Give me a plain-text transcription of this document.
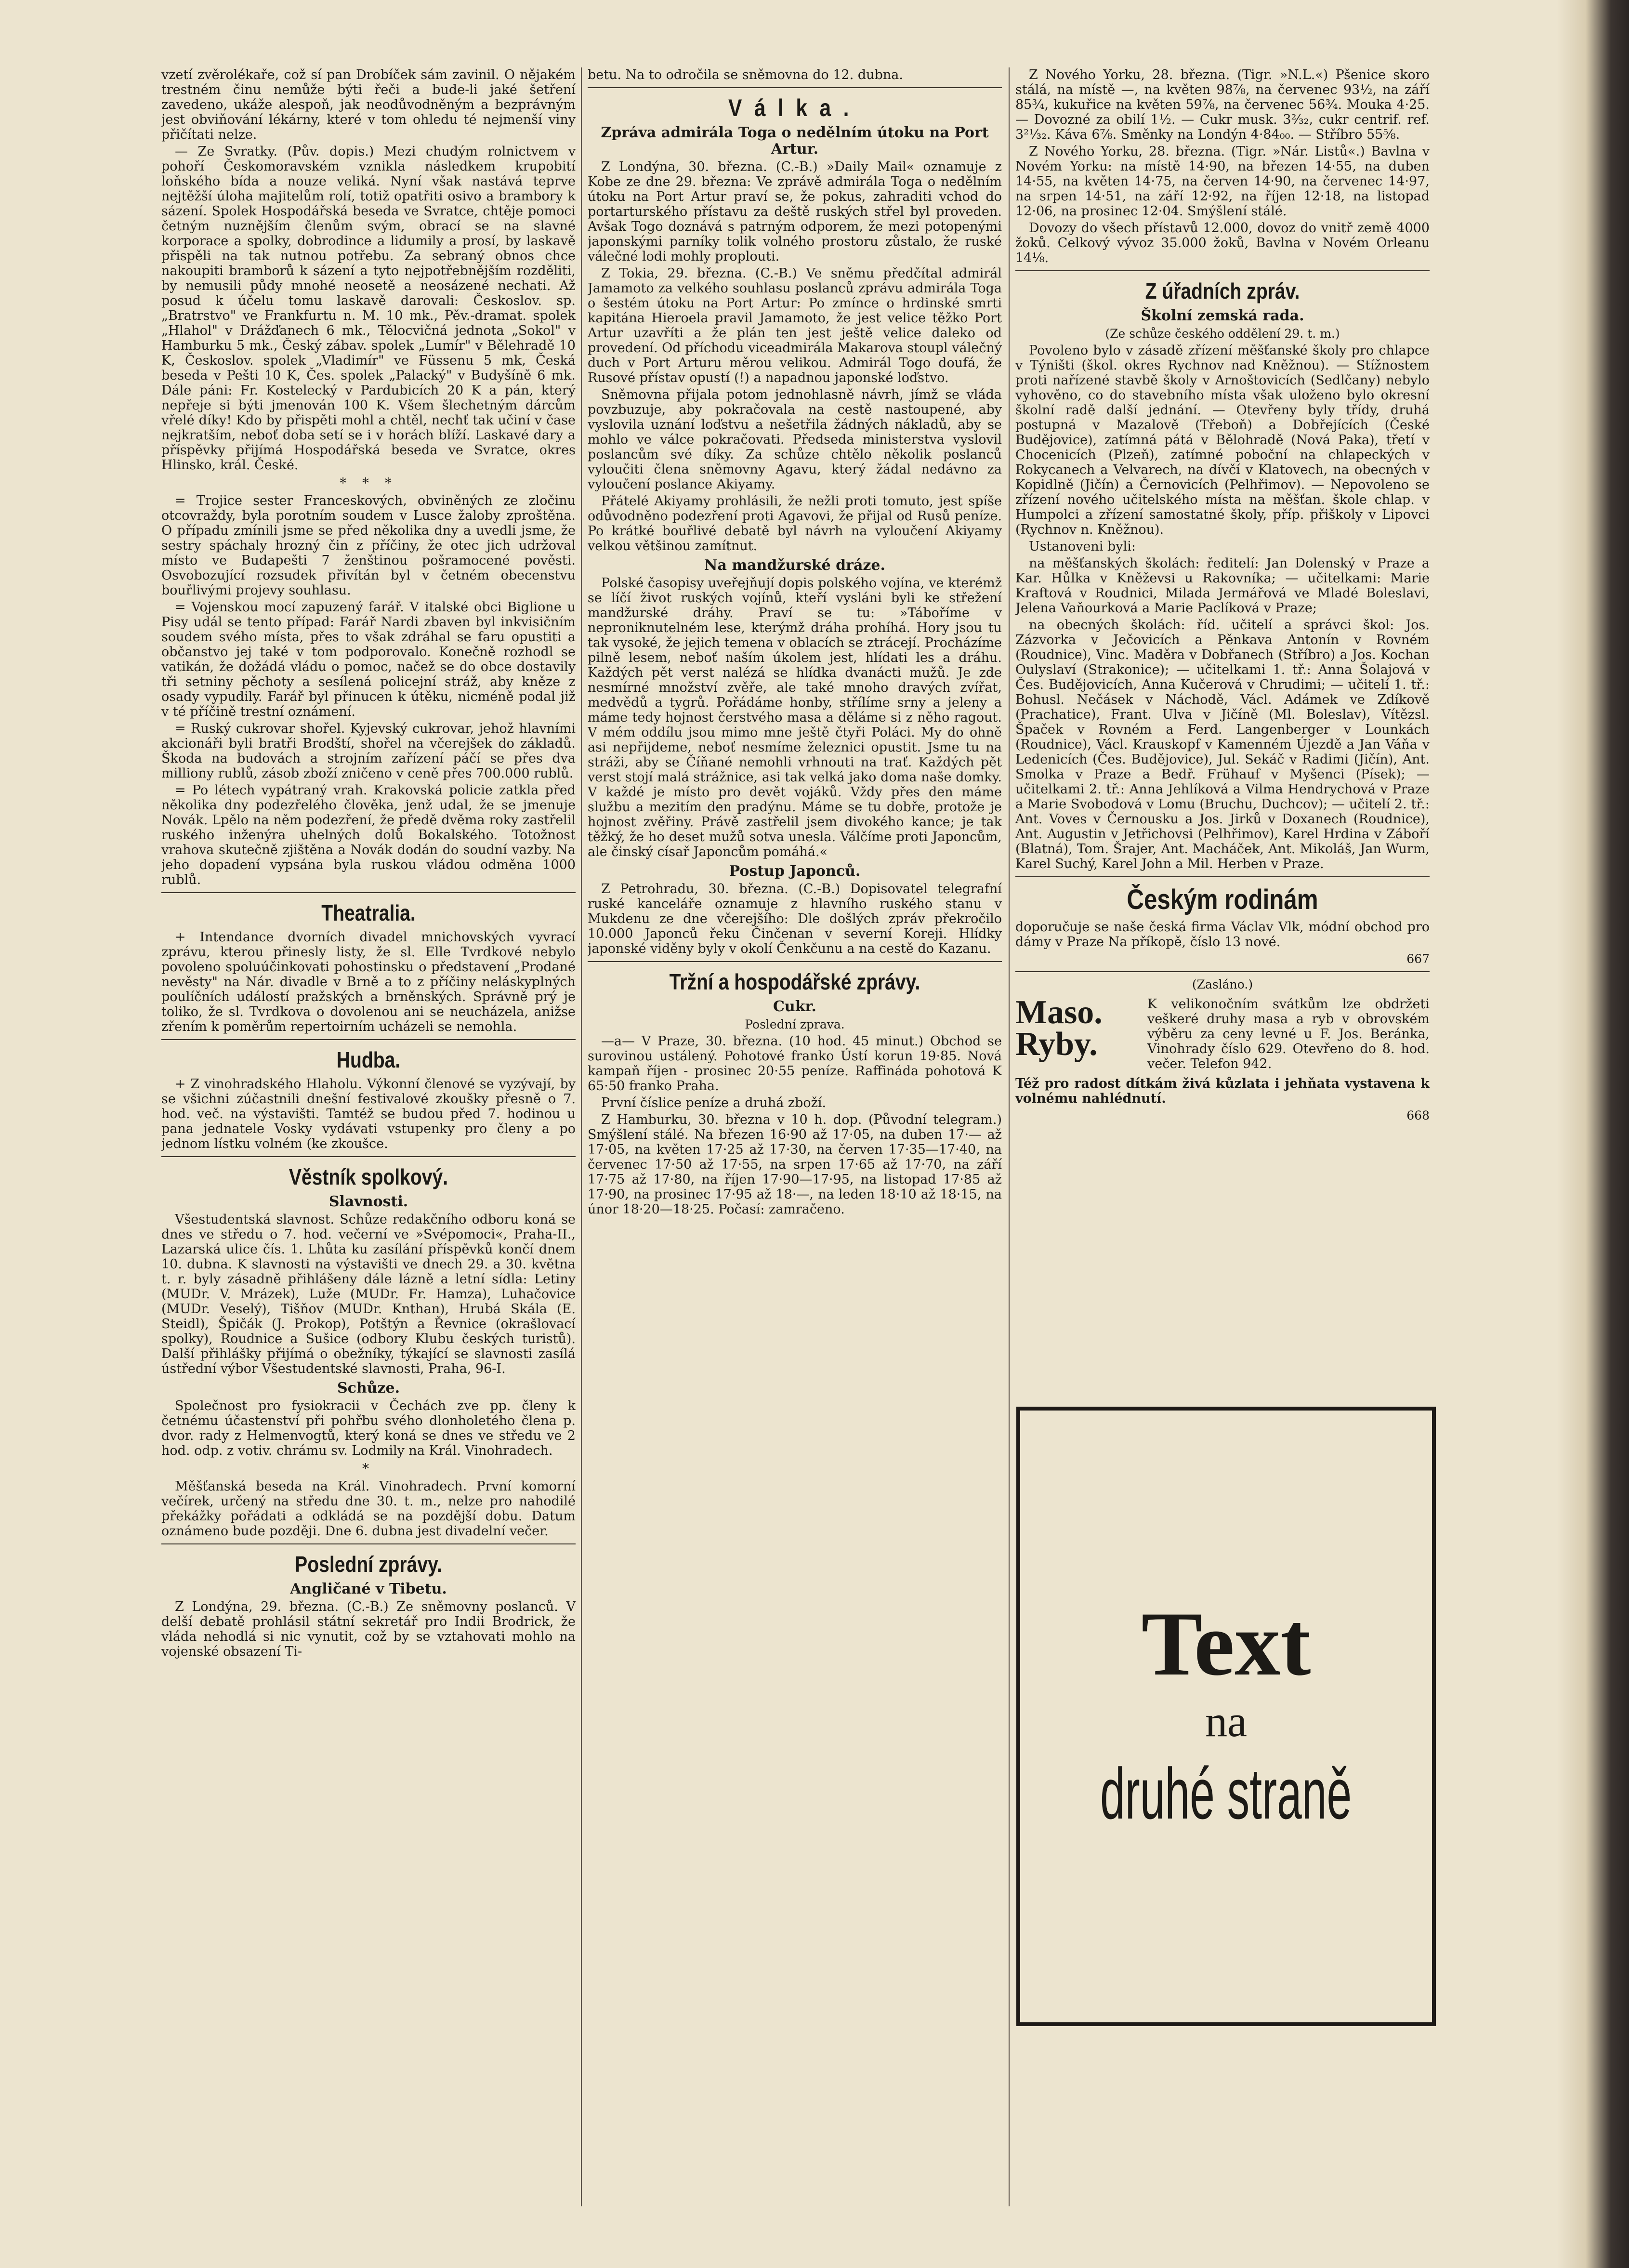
vzetí zvěrolékaře, což sí pan Drobíček sám zavinil. O nějakém trestném činu nemůže býti řeči a bude-li jaké šetření zavedeno, ukáže alespoň, jak neodůvodněným a bezprávným jest obviňování lékárny, které v tom ohledu té nejmenší viny přičítati nelze.

— Ze Svratky. (Pův. dopis.) Mezi chudým rolnictvem v pohoří Českomoravském vznikla následkem krupobití loňského bída a nouze veliká. Nyní však nastává teprve nejtěžší úloha majitelům rolí, totiž opatřiti osivo a brambory k sázení. Spolek Hospodářská beseda ve Svratce, chtěje pomoci četným nuznějším členům svým, obrací se na slavné korporace a spolky, dobrodince a lidumily a prosí, by laskavě přispěli na tak nutnou potřebu. Za sebraný obnos chce nakoupiti bramborů k sázení a tyto nejpotřebnějším rozděliti, by nemusili půdy mnohé neosetě a neosázené nechati. Až posud k účelu tomu laskavě darovali: Českoslov. sp. „Bratrstvo" ve Frankfurtu n. M. 10 mk., Pěv.-dramat. spolek „Hlahol" v Drážďanech 6 mk., Tělocvičná jednota „Sokol" v Hamburku 5 mk., Český zábav. spolek „Lumír" v Bělehradě 10 K, Českoslov. spolek „Vladimír" ve Füssenu 5 mk, Česká beseda v Pešti 10 K, Čes. spolek „Palacký" v Budyšíně 6 mk. Dále páni: Fr. Kostelecký v Pardubicích 20 K a pán, který nepřeje si býti jmenován 100 K. Všem šlechetným dárcům vřelé díky! Kdo by přispěti mohl a chtěl, nechť tak učiní v čase nejkratším, neboť doba setí se i v horách blíží. Laskavé dary a příspěvky přijímá Hospodářská beseda ve Svratce, okres Hlinsko, král. České.

* * *

= Trojice sester Franceskových, obviněných ze zločinu otcovraždy, byla porotním soudem v Lusce žaloby zproštěna. O případu zmínili jsme se před několika dny a uvedli jsme, že sestry spáchaly hrozný čin z příčiny, že otec jich udržoval místo ve Budapešti 7 ženštinou pošramocené pověsti. Osvobozující rozsudek přivítán byl v četném obecenstvu bouřlivými projevy souhlasu.

= Vojenskou mocí zapuzený farář. V italské obci Biglione u Pisy udál se tento případ: Farář Nardi zbaven byl inkvisičním soudem svého místa, přes to však zdráhal se faru opustiti a občanstvo jej také v tom podporovalo. Konečně rozhodl se vatikán, že dožádá vládu o pomoc, načež se do obce dostavily tři setniny pěchoty a sesílená policejní stráž, aby kněze z osady vypudily. Farář byl přinucen k útěku, nicméně podal již v té příčině trestní oznámení.

= Ruský cukrovar shořel. Kyjevský cukrovar, jehož hlavními akcionáři byli bratři Brodští, shořel na včerejšek do základů. Škoda na budovách a strojním zařízení páčí se přes dva milliony rublů, zásob zboží zničeno v ceně přes 700.000 rublů.

= Po létech vypátraný vrah. Krakovská policie zatkla před několika dny podezřelého člověka, jenž udal, že se jmenuje Novák. Lpělo na něm podezření, že předě dvěma roky zastřelil ruského inženýra uhelných dolů Bokalského. Totožnost vrahova skutečně zjištěna a Novák dodán do soudní vazby. Na jeho dopadení vypsána byla ruskou vládou odměna 1000 rublů.

Theatralia.

+ Intendance dvorních divadel mnichovských vyvrací zprávu, kterou přinesly listy, že sl. Elle Tvrdkové nebylo povoleno spoluúčinkovati pohostinsku o představení „Prodané nevěsty" na Nár. divadle v Brně a to z příčiny neláskyplných poulíčních událostí pražských a brněnských. Správně prý je toliko, že sl. Tvrdkova o dovolenou ani se neucházela, anižse zřením k poměrům repertoirním ucházeli se nemohla.

Hudba.

+ Z vinohradského Hlaholu. Výkonní členové se vyzývají, by se všichni zúčastnili dnešní festivalové zkoušky přesně o 7. hod. več. na výstavišti. Tamtéž se budou před 7. hodinou u pana jednatele Vosky vydávati vstupenky pro členy a po jednom lístku volném (ke zkoušce.

Věstník spolkový.
Slavnosti.

Všestudentská slavnost. Schůze redakčního odboru koná se dnes ve středu o 7. hod. večerní ve »Svépomoci«, Praha-II., Lazarská ulice čís. 1. Lhůta ku zasílání příspěvků končí dnem 10. dubna. K slavnosti na výstavišti ve dnech 29. a 30. května t. r. byly zásadně přihlášeny dále lázně a letní sídla: Letiny (MUDr. V. Mrázek), Luže (MUDr. Fr. Hamza), Luhačovice (MUDr. Veselý), Tišňov (MUDr. Knthan), Hrubá Skála (E. Steidl), Špičák (J. Prokop), Potštýn a Řevnice (okrašlovací spolky), Roudnice a Sušice (odbory Klubu českých turistů). Další přihlášky přijímá o obežníky, týkající se slavnosti zasílá ústřední výbor Všestudentské slavnosti, Praha, 96-I.

Schůze.

Společnost pro fysiokracii v Čechách zve pp. členy k četnému účastenství při pohřbu svého dlonholetého člena p. dvor. rady z Helmenvogtů, který koná se dnes ve středu ve 2 hod. odp. z votiv. chrámu sv. Lodmily na Král. Vinohradech.

*

Měšťanská beseda na Král. Vinohradech. První komorní večírek, určený na středu dne 30. t. m., nelze pro nahodilé překážky pořádati a odkládá se na pozdější dobu. Datum oznámeno bude později. Dne 6. dubna jest divadelní večer.

Poslední zprávy.
Angličané v Tibetu.

Z Londýna, 29. března. (C.-B.) Ze sněmovny poslanců. V delší debatě prohlásil státní sekretář pro Indii Brodrick, že vláda nehodlá si nic vynutit, což by se vztahovati mohlo na vojenské obsazení Ti-

betu. Na to odročila se sněmovna do 12. dubna.

Válka.
Zpráva admirála Toga o nedělním útoku na Port Artur.

Z Londýna, 30. března. (C.-B.) »Daily Mail« oznamuje z Kobe ze dne 29. března: Ve zprávě admirála Toga o nedělním útoku na Port Artur praví se, že pokus, zahraditi vchod do portarturského přístavu za deště ruských střel byl proveden. Avšak Togo doznává s patrným odporem, že mezi potopenými japonskými parníky tolik volného prostoru zůstalo, že ruské válečné lodi mohly proplouti.

Z Tokia, 29. března. (C.-B.) Ve sněmu předčítal admirál Jamamoto za velkého souhlasu poslanců zprávu admirála Toga o šestém útoku na Port Artur: Po zmínce o hrdinské smrti kapitána Hieroela pravil Jamamoto, že jest velice těžko Port Artur uzavříti a že plán ten jest ještě velice daleko od provedení. Od příchodu viceadmirála Makarova stoupl válečný duch v Port Arturu měrou velikou. Admirál Togo doufá, že Rusové přístav opustí (!) a napadnou japonské loďstvo.

Sněmovna přijala potom jednohlasně návrh, jímž se vláda povzbuzuje, aby pokračovala na cestě nastoupené, aby vyslovila uznání loďstvu a nešetřila žádných nákladů, aby se mohlo ve válce pokračovati. Předseda ministerstva vyslovil poslancům své díky. Za schůze chtělo několik poslanců vyloučiti člena sněmovny Agavu, který žádal nedávno za vyloučení poslance Akiyamy.

Přátelé Akiyamy prohlásili, že nežli proti tomuto, jest spíše odůvodněno podezření proti Agavovi, že přijal od Rusů peníze. Po krátké bouřlivé debatě byl návrh na vyloučení Akiyamy velkou většinou zamítnut.

Na mandžurské dráze.

Polské časopisy uveřejňují dopis polského vojína, ve kterémž se líčí život ruských vojínů, kteří vysláni byli ke střežení mandžurské dráhy. Praví se tu: »Táboříme v neproniknutelném lese, kterýmž dráha prohíhá. Hory jsou tu tak vysoké, že jejich temena v oblacích se ztrácejí. Procházíme pilně lesem, neboť naším úkolem jest, hlídati les a dráhu. Každých pět verst nalézá se hlídka dvanácti mužů. Je zde nesmírné množství zvěře, ale také mnoho dravých zvířat, medvědů a tygrů. Pořádáme honby, střílíme srny a jeleny a máme tedy hojnost čerstvého masa a děláme si z něho ragout. V mém oddílu jsou mimo mne ještě čtyři Poláci. My do ohně asi nepřijdeme, neboť nesmíme železnici opustit. Jsme tu na stráži, aby se Číňané nemohli vrhnouti na trať. Každých pět verst stojí malá strážnice, asi tak velká jako doma naše domky. V každé je místo pro devět vojáků. Vždy přes den máme službu a mezitím den pradýnu. Máme se tu dobře, protože je hojnost zvěřiny. Právě zastřelil jsem divokého kance; je tak těžký, že ho deset mužů sotva unesla. Válčíme proti Japoncům, ale činský císař Japoncům pomáhá.«

Postup Japonců.

Z Petrohradu, 30. března. (C.-B.) Dopisovatel telegrafní ruské kanceláře oznamuje z hlavního ruského stanu v Mukdenu ze dne včerejšího: Dle došlých zpráv překročilo 10.000 Japonců řeku Činčenan v severní Koreji. Hlídky japonské viděny byly v okolí Čenkčunu a na cestě do Kazanu.

Tržní a hospodářské zprávy.
Cukr.
Poslední zprava.

—a— V Praze, 30. března. (10 hod. 45 minut.) Obchod se surovinou ustálený. Pohotové franko Ústí korun 19·85. Nová kampaň říjen - prosinec 20·55 peníze. Raffináda pohotová K 65·50 franko Praha.

První číslice peníze a druhá zboží.

Z Hamburku, 30. března v 10 h. dop. (Původní telegram.) Smýšlení stálé. Na březen 16·90 až 17·05, na duben 17·— až 17·05, na květen 17·25 až 17·30, na červen 17·35—17·40, na červenec 17·50 až 17·55, na srpen 17·65 až 17·70, na září 17·75 až 17·80, na říjen 17·90—17·95, na listopad 17·85 až 17·90, na prosinec 17·95 až 18·—, na leden 18·10 až 18·15, na únor 18·20—18·25. Počasí: zamračeno.

Z Nového Yorku, 28. března. (Tigr. »N.L.«) Pšenice skoro stálá, na místě —, na květen 98⅞, na červenec 93½, na září 85¾, kukuřice na květen 59⅞, na červenec 56¾. Mouka 4·25. — Dovozné za obilí 1½. — Cukr musk. 3²⁄₃₂, cukr centrif. ref. 3²¹⁄₃₂. Káva 6⅞. Směnky na Londýn 4·84₀₀. — Stříbro 55⅝.

Z Nového Yorku, 28. března. (Tigr. »Nár. Listů«.) Bavlna v Novém Yorku: na místě 14·90, na březen 14·55, na duben 14·55, na květen 14·75, na červen 14·90, na červenec 14·97, na srpen 14·51, na září 12·92, na říjen 12·18, na listopad 12·06, na prosinec 12·04. Smýšlení stálé.

Dovozy do všech přístavů 12.000, dovoz do vnitř země 4000 žoků. Celkový vývoz 35.000 žoků, Bavlna v Novém Orleanu 14⅛.

Z úřadních zpráv.
Školní zemská rada.
(Ze schůze českého oddělení 29. t. m.)

Povoleno bylo v zásadě zřízení měšťanské školy pro chlapce v Týništi (škol. okres Rychnov nad Kněžnou). — Stížnostem proti nařízené stavbě školy v Arnoštovicích (Sedlčany) nebylo vyhověno, co do stavebního místa však uloženo bylo okresní školní radě další jednání. — Otevřeny byly třídy, druhá postupná v Mazalově (Třeboň) a Dobřejících (České Budějovice), zatímná pátá v Bělohradě (Nová Paka), třetí v Chocenicích (Plzeň), zatímné poboční na chlapeckých v Rokycanech a Velvarech, na dívčí v Klatovech, na obecných v Kopidlně (Jičín) a Černovicích (Pelhřimov). — Nepovoleno se zřízení nového učitelského místa na měšťan. škole chlap. v Humpolci a zřízení samostatné školy, příp. přiškoly v Lipovci (Rychnov n. Kněžnou).

Ustanoveni byli:

na měšťanských školách: ředitelí: Jan Dolenský v Praze a Kar. Hůlka v Kněževsi u Rakovníka; — učitelkami: Marie Kraftová v Roudnici, Milada Jermářová ve Mladé Boleslavi, Jelena Vaňourková a Marie Paclíková v Praze;

na obecných školách: říd. učitelí a správci škol: Jos. Zázvorka v Ječovicích a Pěnkava Antonín v Rovném (Roudnice), Vinc. Maděra v Dobřanech (Stříbro) a Jos. Kochan Oulyslaví (Strakonice); — učitelkami 1. tř.: Anna Šolajová v Čes. Budějovicích, Anna Kučerová v Chrudimi; — učitelí 1. tř.: Bohusl. Nečásek v Náchodě, Václ. Adámek ve Zdíkově (Prachatice), Frant. Ulva v Jičíně (Ml. Boleslav), Vítězsl. Špaček v Rovném a Ferd. Langenberger v Lounkách (Roudnice), Václ. Krauskopf v Kamenném Újezdě a Jan Váňa v Ledenicích (Čes. Budějovice), Jul. Sekáč v Radimi (Jičín), Ant. Smolka v Praze a Bedř. Frühauf v Myšenci (Písek); — učitelkami 2. tř.: Anna Jehlíková a Vilma Hendrychová v Praze a Marie Svobodová v Lomu (Bruchu, Duchcov); — učitelí 2. tř.: Ant. Voves v Černousku a Jos. Jirků v Doxanech (Roudnice), Ant. Augustin v Jetřichovsi (Pelhřimov), Karel Hrdina v Záboří (Blatná), Tom. Šrajer, Ant. Macháček, Ant. Mikoláš, Jan Wurm, Karel Suchý, Karel John a Mil. Herben v Praze.

Českým rodinám

doporučuje se naše česká firma Václav Vlk, módní obchod pro dámy v Praze Na příkopě, číslo 13 nové.

667
(Zasláno.)
Maso. Ryby.
K velikonočním svátkům lze obdržeti veškeré druhy masa a ryb v obrovském výběru za ceny levné u F. Jos. Beránka, Vinohrady číslo 629. Otevřeno do 8. hod. večer. Telefon 942.

Též pro radost dítkám živá kůzlata i jehňata vystavena k volnému nahlédnutí.

668
Text
na
druhé straně
